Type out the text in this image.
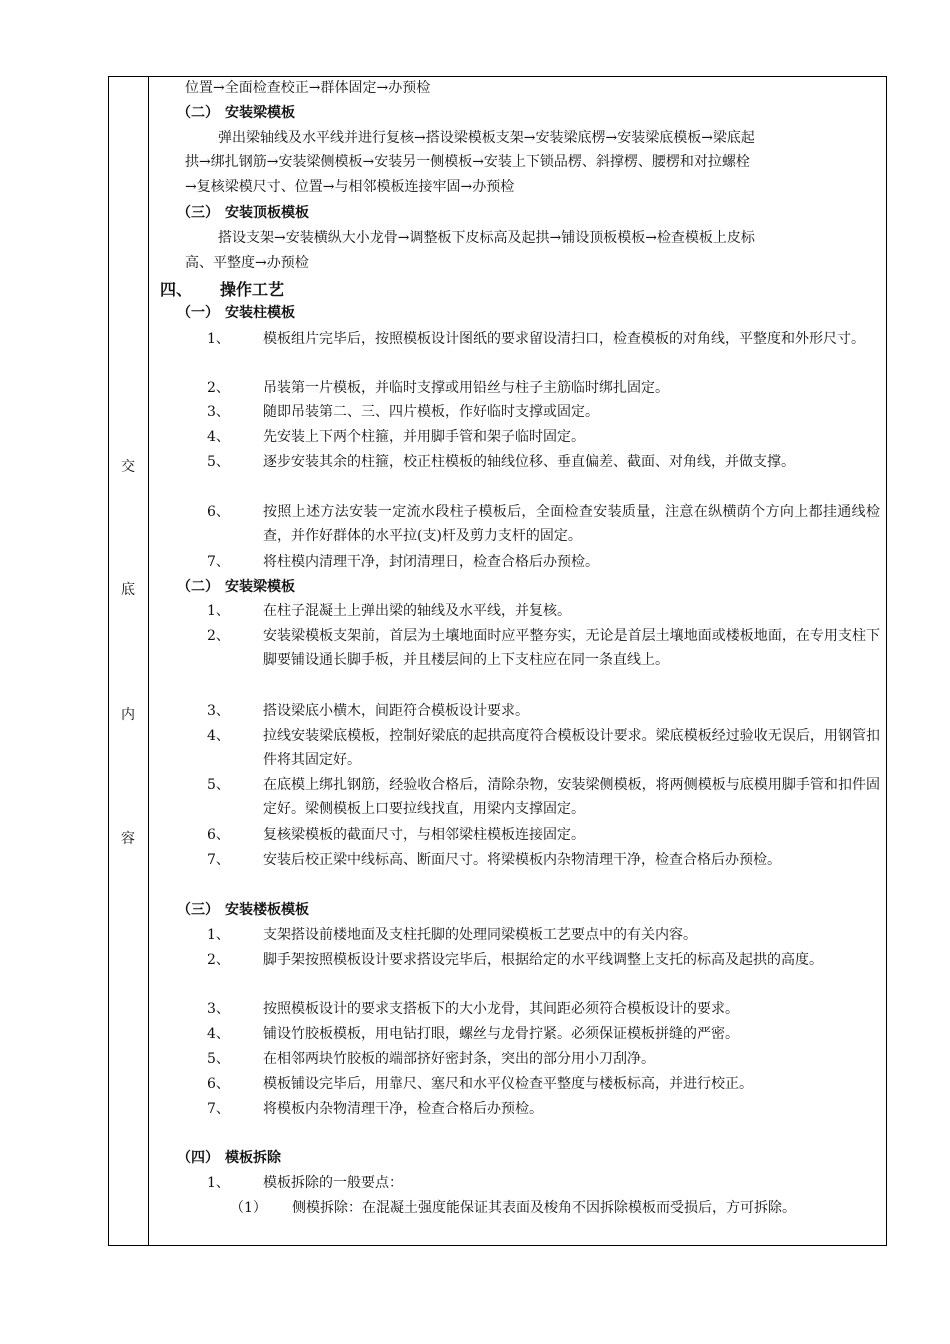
交
底
内
容
位置→全面检查校正→群体固定→办预检
（二） 安装梁模板
弹出梁轴线及水平线并进行复核→搭设梁模板支架→安装梁底楞→安装梁底模板→梁底起
拱→绑扎钢筋→安装梁侧模板→安装另一侧模板→安装上下锁品楞、斜撑楞、腰楞和对拉螺栓
→复核梁模尺寸、位置→与相邻模板连接牢固→办预检
（三） 安装顶板模板
搭设支架→安装横纵大小龙骨→调整板下皮标高及起拱→铺设顶板模板→检查模板上皮标
高、平整度→办预检
四、 操作工艺
（一） 安装柱模板
1、 模板组片完毕后，按照模板设计图纸的要求留设清扫口，检查模板的对角线，平整度和外形尺寸。
2、 吊装第一片模板，并临时支撑或用铅丝与柱子主筋临时绑扎固定。
3、 随即吊装第二、三、四片模板，作好临时支撑或固定。
4、 先安装上下两个柱箍，并用脚手管和架子临时固定。
5、 逐步安装其余的柱箍，校正柱模板的轴线位移、垂直偏差、截面、对角线，并做支撑。
6、 按照上述方法安装一定流水段柱子模板后，全面检查安装质量，注意在纵横荫个方向上都挂通线检查，并作好群体的水平拉(支)杆及剪力支杆的固定。
7、 将柱模内清理干净，封闭清理日，检查合格后办预检。
（二） 安装梁模板
1、 在柱子混凝土上弹出梁的轴线及水平线，并复核。
2、 安装梁模板支架前，首层为土壤地面时应平整夯实，无论是首层土壤地面或楼板地面，在专用支柱下脚要铺设通长脚手板，并且楼层间的上下支柱应在同一条直线上。
3、 搭设梁底小横木，间距符合模板设计要求。
4、 拉线安装梁底模板，控制好梁底的起拱高度符合模板设计要求。梁底模板经过验收无误后，用钢管扣件将其固定好。
5、 在底模上绑扎钢筋，经验收合格后，清除杂物，安装梁侧模板，将两侧模板与底模用脚手管和扣件固定好。梁侧模板上口要拉线找直，用梁内支撑固定。
6、 复核梁模板的截面尺寸，与相邻梁柱模板连接固定。
7、 安装后校正梁中线标高、断面尺寸。将梁模板内杂物清理干净，检查合格后办预检。
（三） 安装楼板模板
1、 支架搭设前楼地面及支柱托脚的处理同梁模板工艺要点中的有关内容。
2、 脚手架按照模板设计要求搭设完毕后，根据给定的水平线调整上支托的标高及起拱的高度。
3、 按照模板设计的要求支搭板下的大小龙骨，其间距必须符合模板设计的要求。
4、 铺设竹胶板模板，用电钻打眼，螺丝与龙骨拧紧。必须保证模板拼缝的严密。
5、 在相邻两块竹胶板的端部挤好密封条，突出的部分用小刀刮净。
6、 模板铺设完毕后，用靠尺、塞尺和水平仪检查平整度与楼板标高，并进行校正。
7、 将模板内杂物清理干净，检查合格后办预检。
（四） 模板拆除
1、 模板拆除的一般要点：
（1） 侧模拆除：在混凝土强度能保证其表面及梭角不因拆除模板而受损后，方可拆除。
